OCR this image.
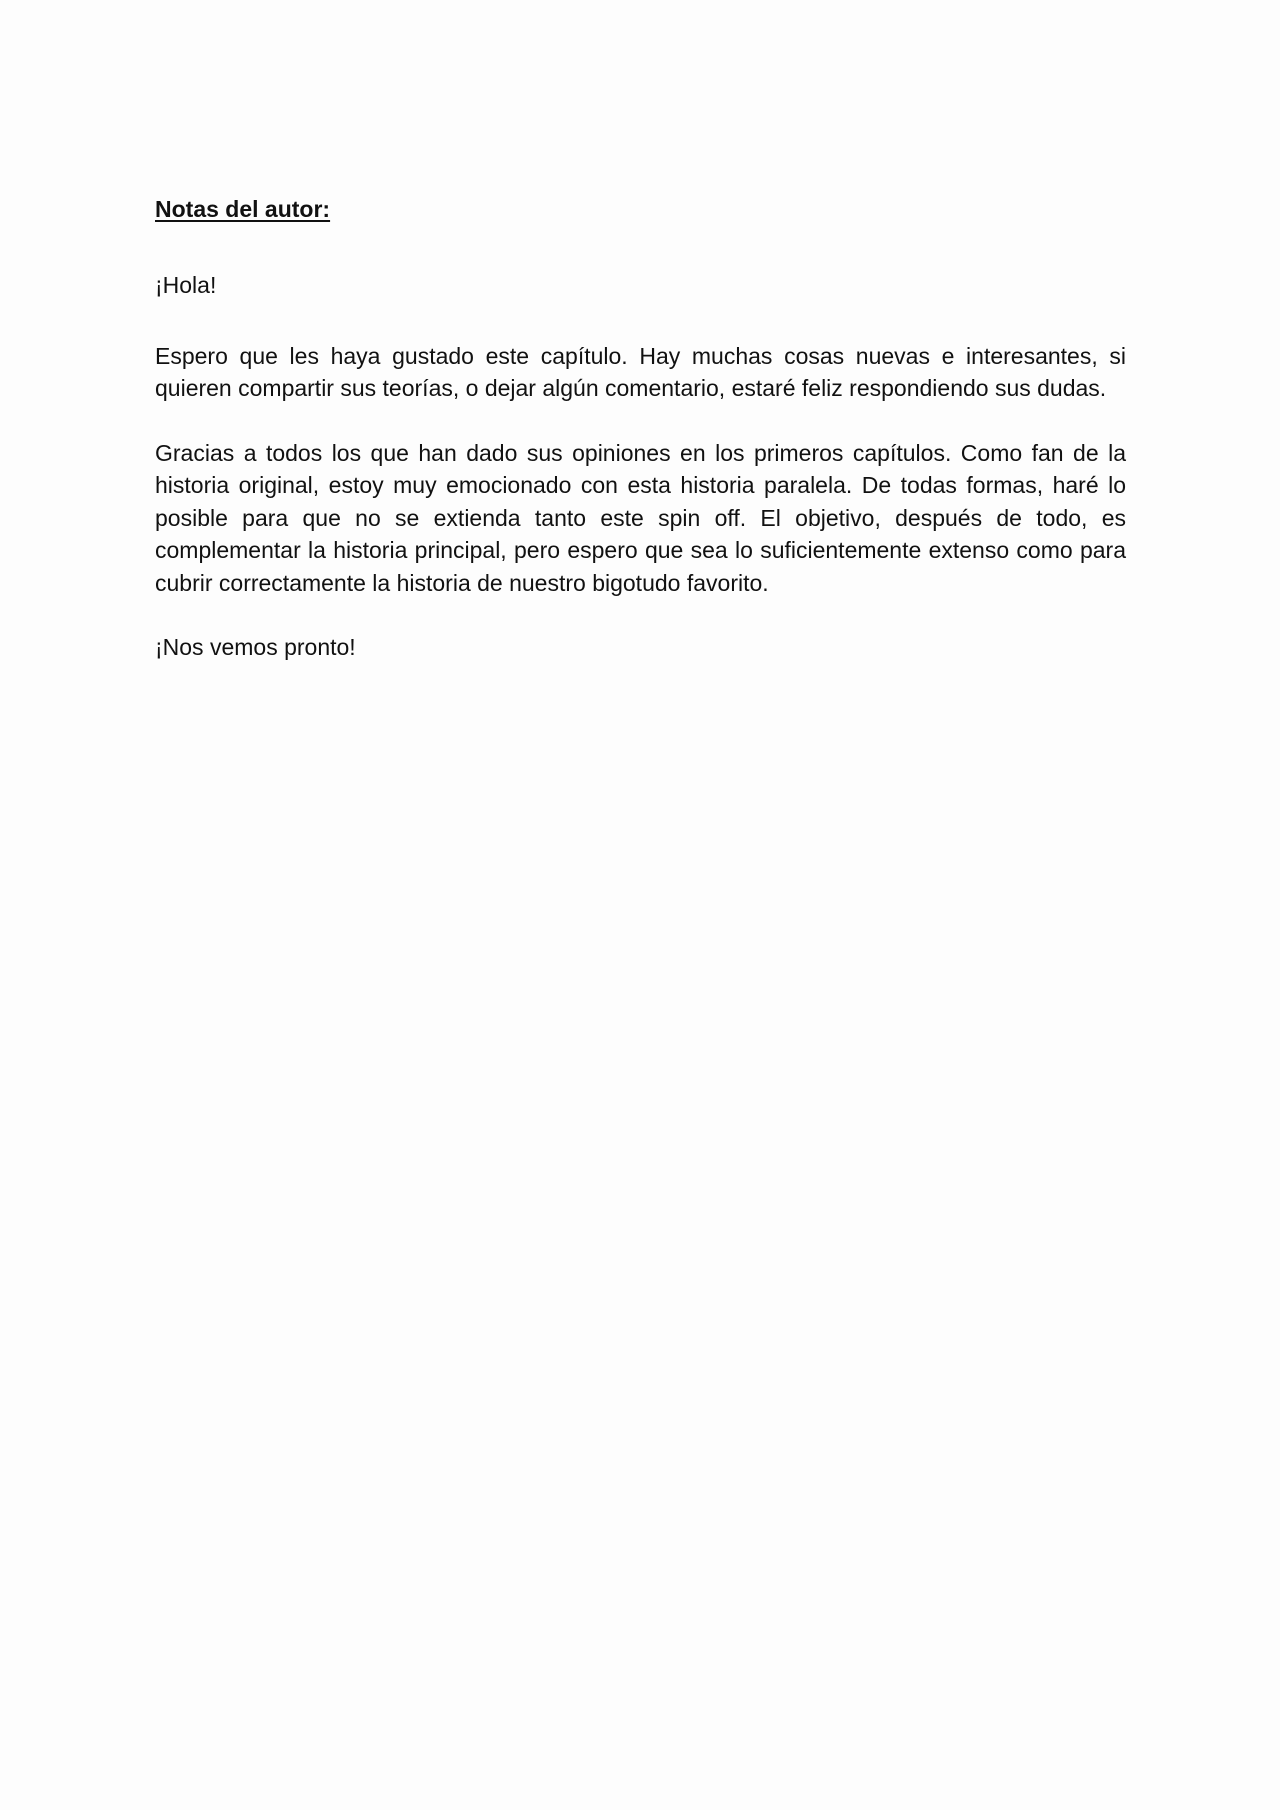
Notas del autor:

¡Hola!

Espero que les haya gustado este capítulo. Hay muchas cosas nuevas e interesantes, si quieren compartir sus teorías, o dejar algún comentario, estaré feliz respondiendo sus dudas.

Gracias a todos los que han dado sus opiniones en los primeros capítulos. Como fan de la historia original, estoy muy emocionado con esta historia paralela. De todas formas, haré lo posible para que no se extienda tanto este spin off. El objetivo, después de todo, es complementar la historia principal, pero espero que sea lo suficientemente extenso como para cubrir correctamente la historia de nuestro bigotudo favorito.

¡Nos vemos pronto!
